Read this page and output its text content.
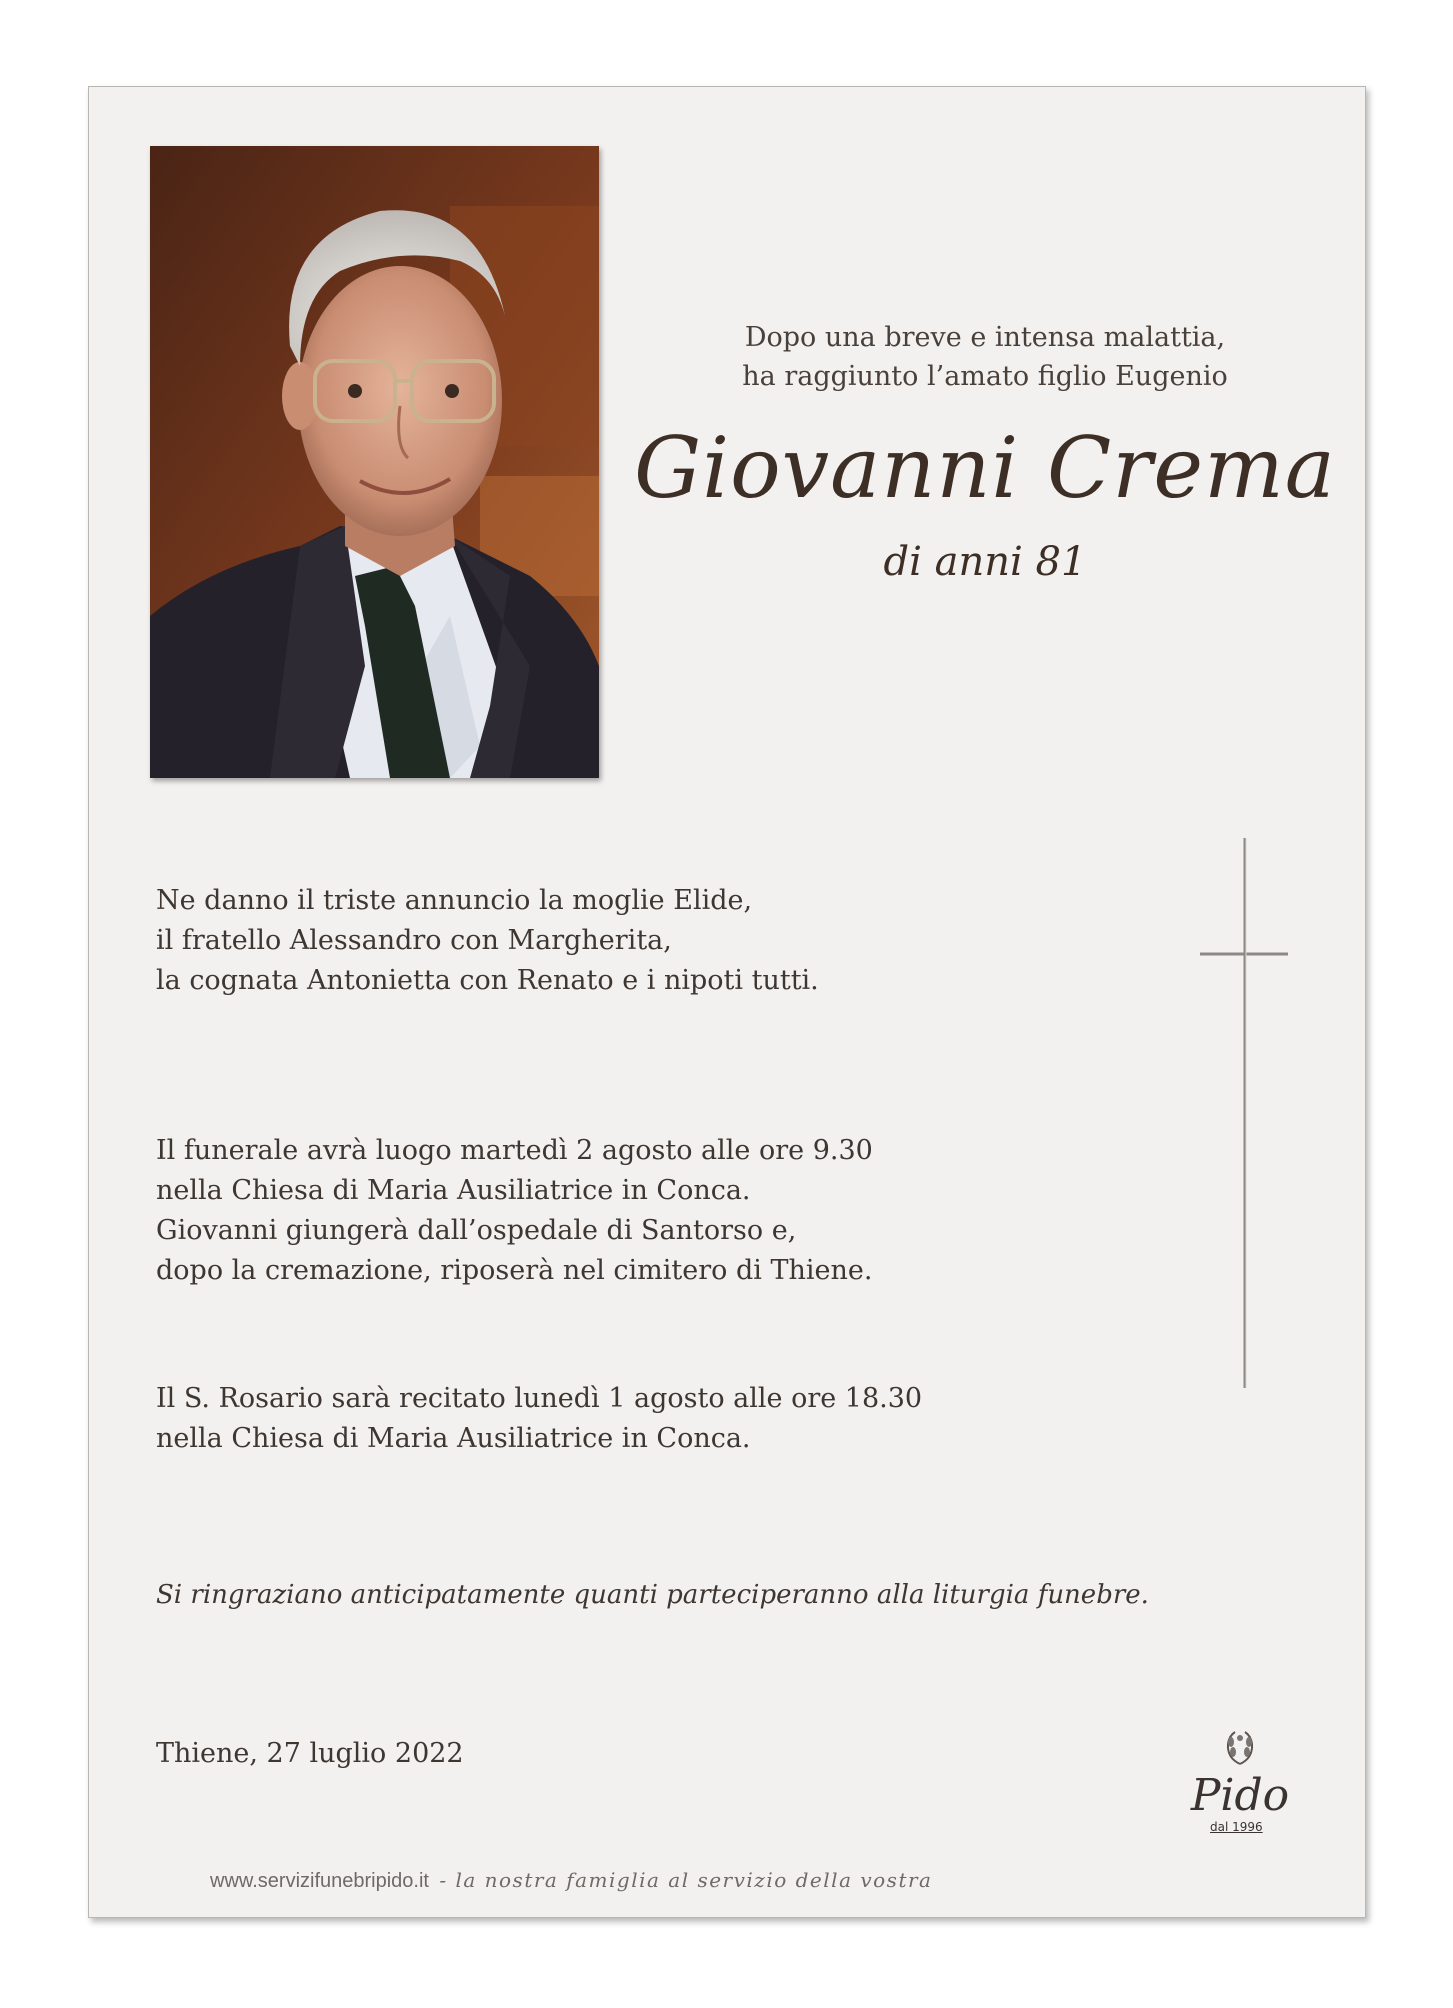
Dopo una breve e intensa malattia,
ha raggiunto l’amato figlio Eugenio
Giovanni Crema
di anni 81
Ne danno il triste annuncio la moglie Elide,
il fratello Alessandro con Margherita,
la cognata Antonietta con Renato e i nipoti tutti.
Il funerale avrà luogo martedì 2 agosto alle ore 9.30
nella Chiesa di Maria Ausiliatrice in Conca.
Giovanni giungerà dall’ospedale di Santorso e,
dopo la cremazione, riposerà nel cimitero di Thiene.
Il S. Rosario sarà recitato lunedì 1 agosto alle ore 18.30
nella Chiesa di Maria Ausiliatrice in Conca.
Si ringraziano anticipatamente quanti parteciperanno alla liturgia funebre.
Thiene, 27 luglio 2022
Pido
dal 1996
www.servizifunebripido.it - la nostra famiglia al servizio della vostra
